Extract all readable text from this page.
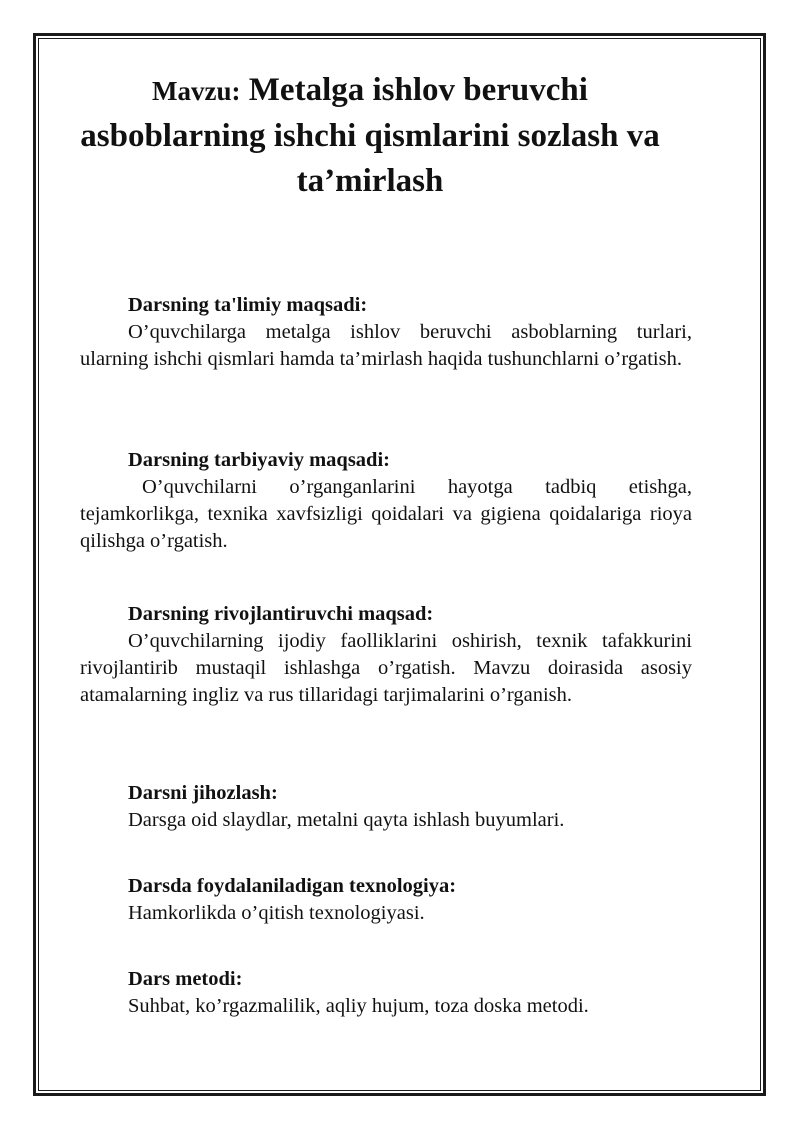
Mavzu: Metalga ishlov beruvchi asboblarning ishchi qismlarini sozlash va ta’mirlash
Darsning ta'limiy maqsadi:

O’quvchilarga metalga ishlov beruvchi asboblarning turlari, ularning ishchi qismlari hamda ta’mirlash haqida tushunchlarni o’rgatish.

Darsning tarbiyaviy maqsadi:

O’quvchilarni o’rganganlarini hayotga tadbiq etishga, tejamkorlikga, texnika xavfsizligi qoidalari va gigiena qoidalariga rioya qilishga o’rgatish.

Darsning rivojlantiruvchi maqsad:

O’quvchilarning ijodiy faolliklarini oshirish, texnik tafakkurini rivojlantirib mustaqil ishlashga o’rgatish. Mavzu doirasida asosiy atamalarning ingliz va rus tillaridagi tarjimalarini o’rganish.

Darsni jihozlash:

Darsga oid slaydlar, metalni qayta ishlash buyumlari.

Darsda foydalaniladigan texnologiya:

Hamkorlikda o’qitish texnologiyasi.

Dars metodi:

Suhbat, ko’rgazmalilik, aqliy hujum, toza doska metodi.
